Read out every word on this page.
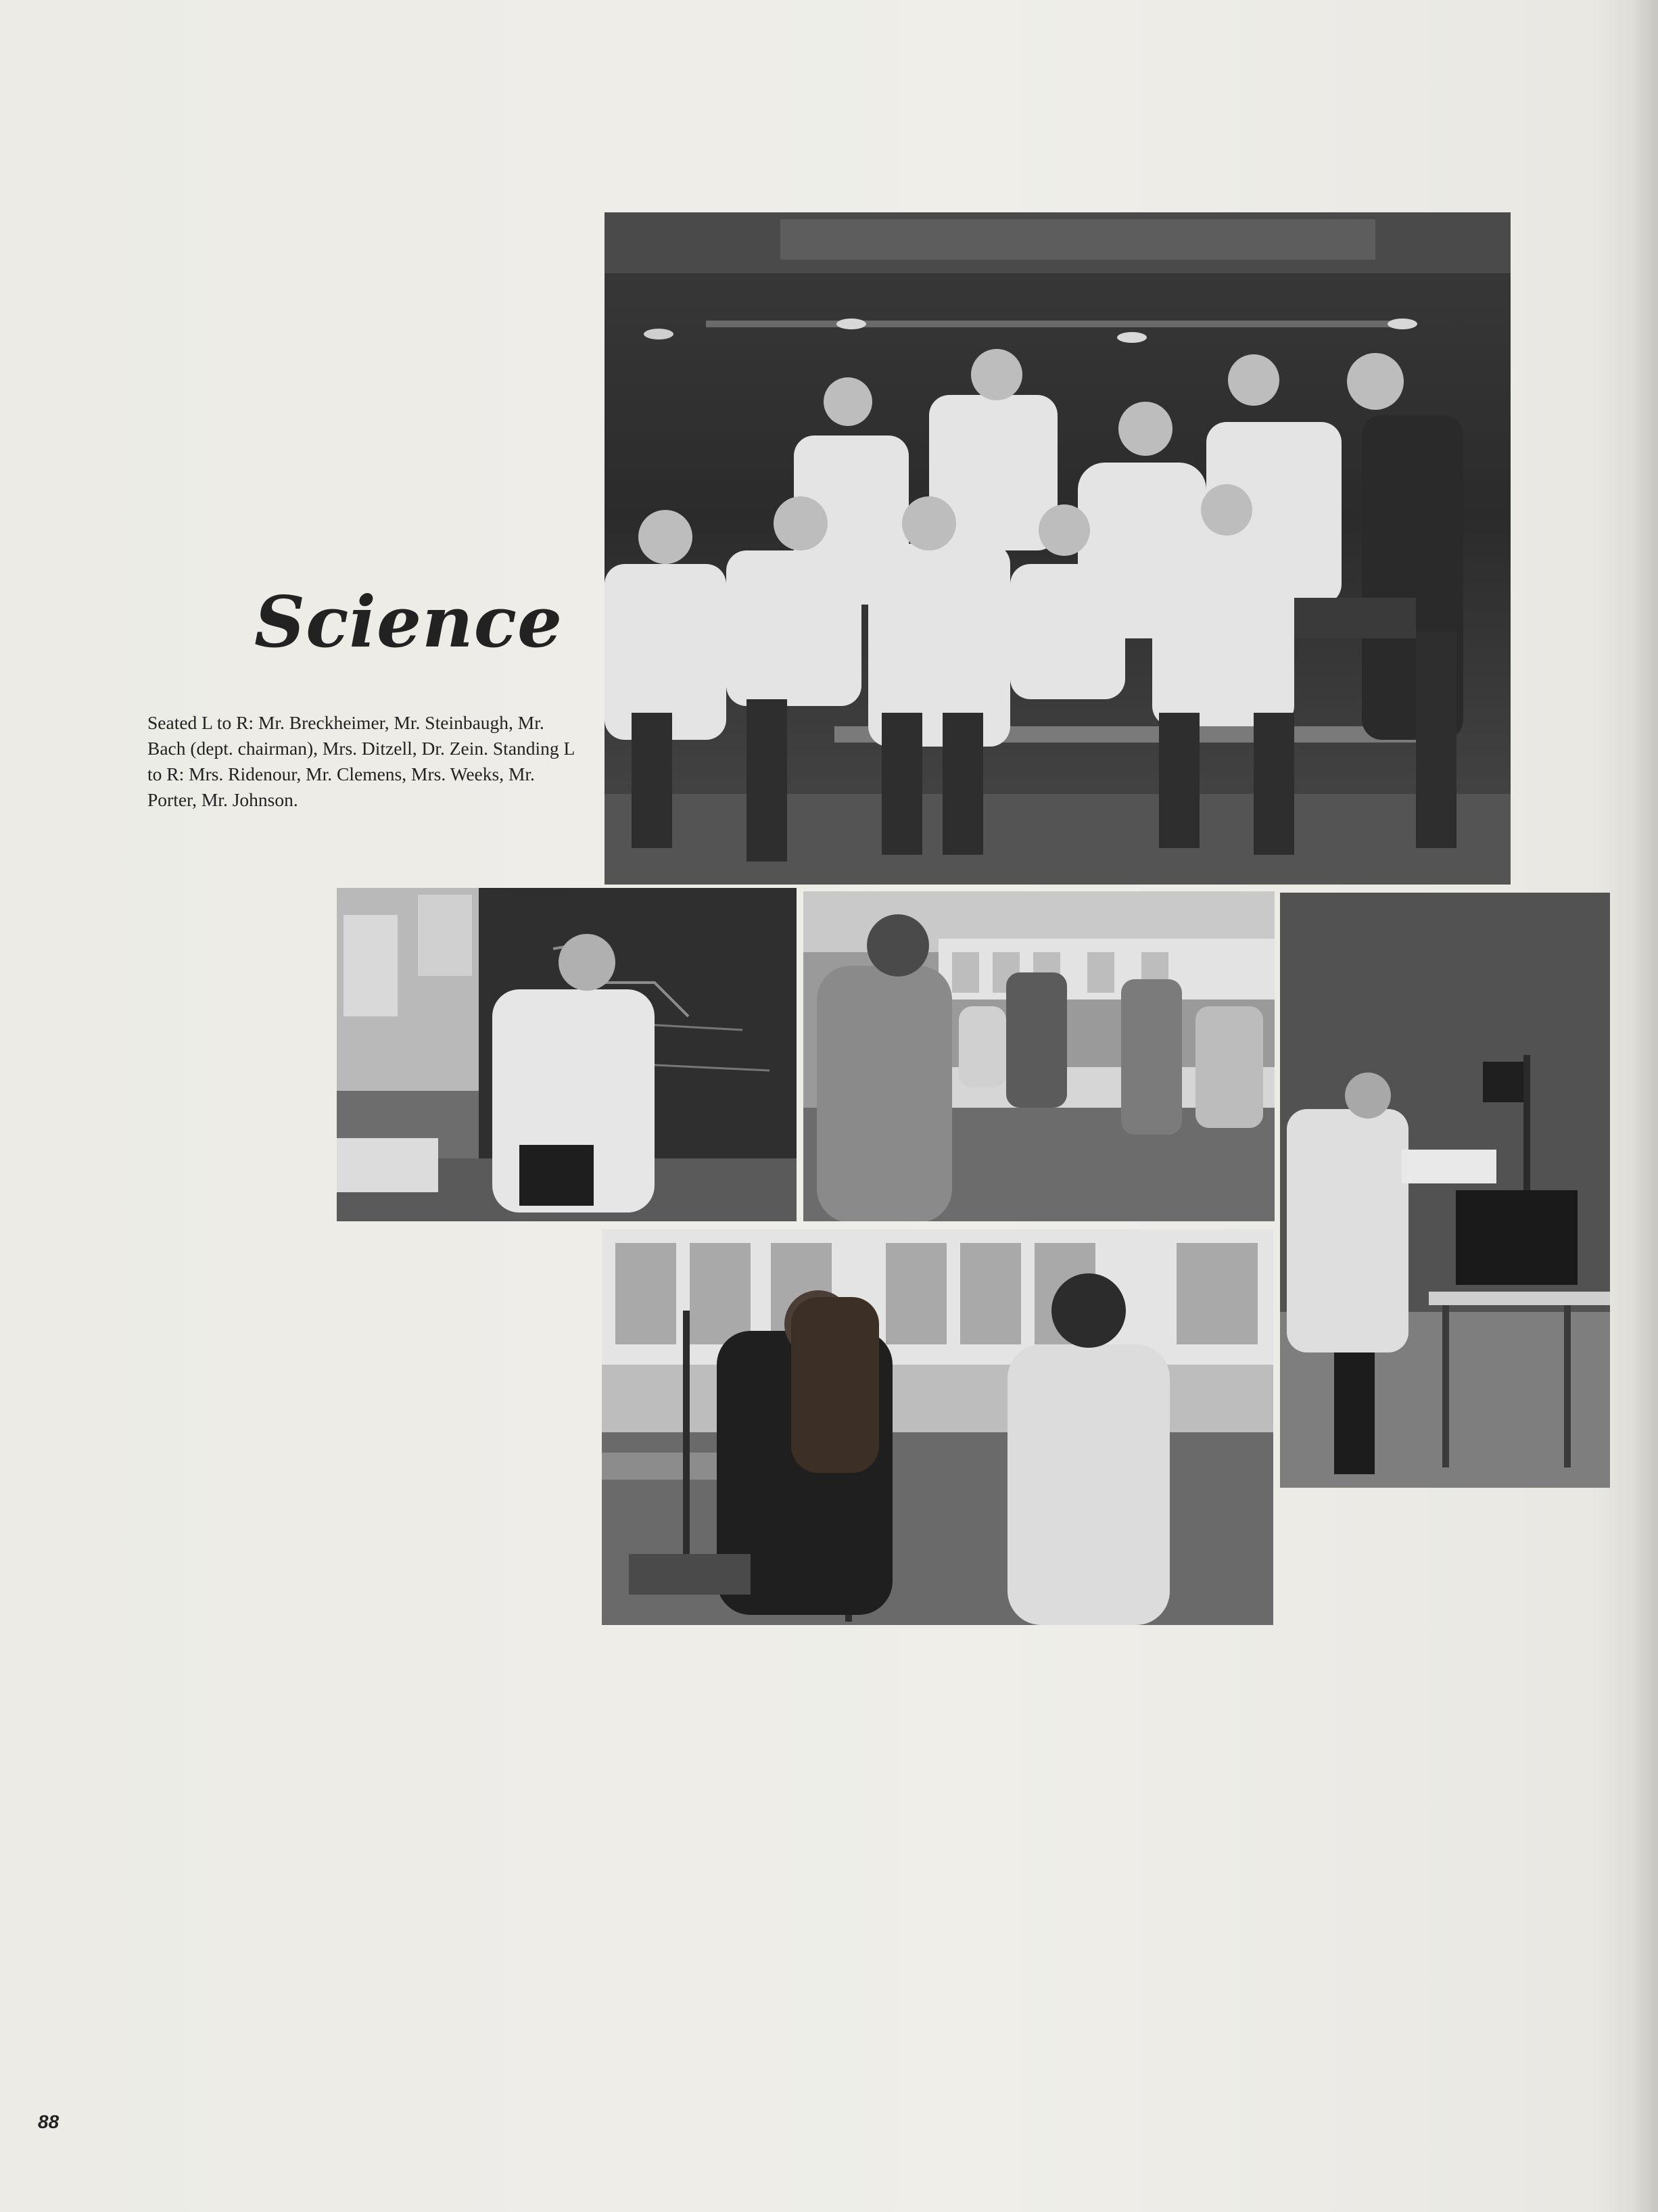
Science
Seated L to R: Mr. Breckheimer, Mr. Steinbaugh, Mr. Bach (dept. chairman), Mrs. Ditzell, Dr. Zein. Standing L to R: Mrs. Ridenour, Mr. Clemens, Mrs. Weeks, Mr. Porter, Mr. Johnson.
88
